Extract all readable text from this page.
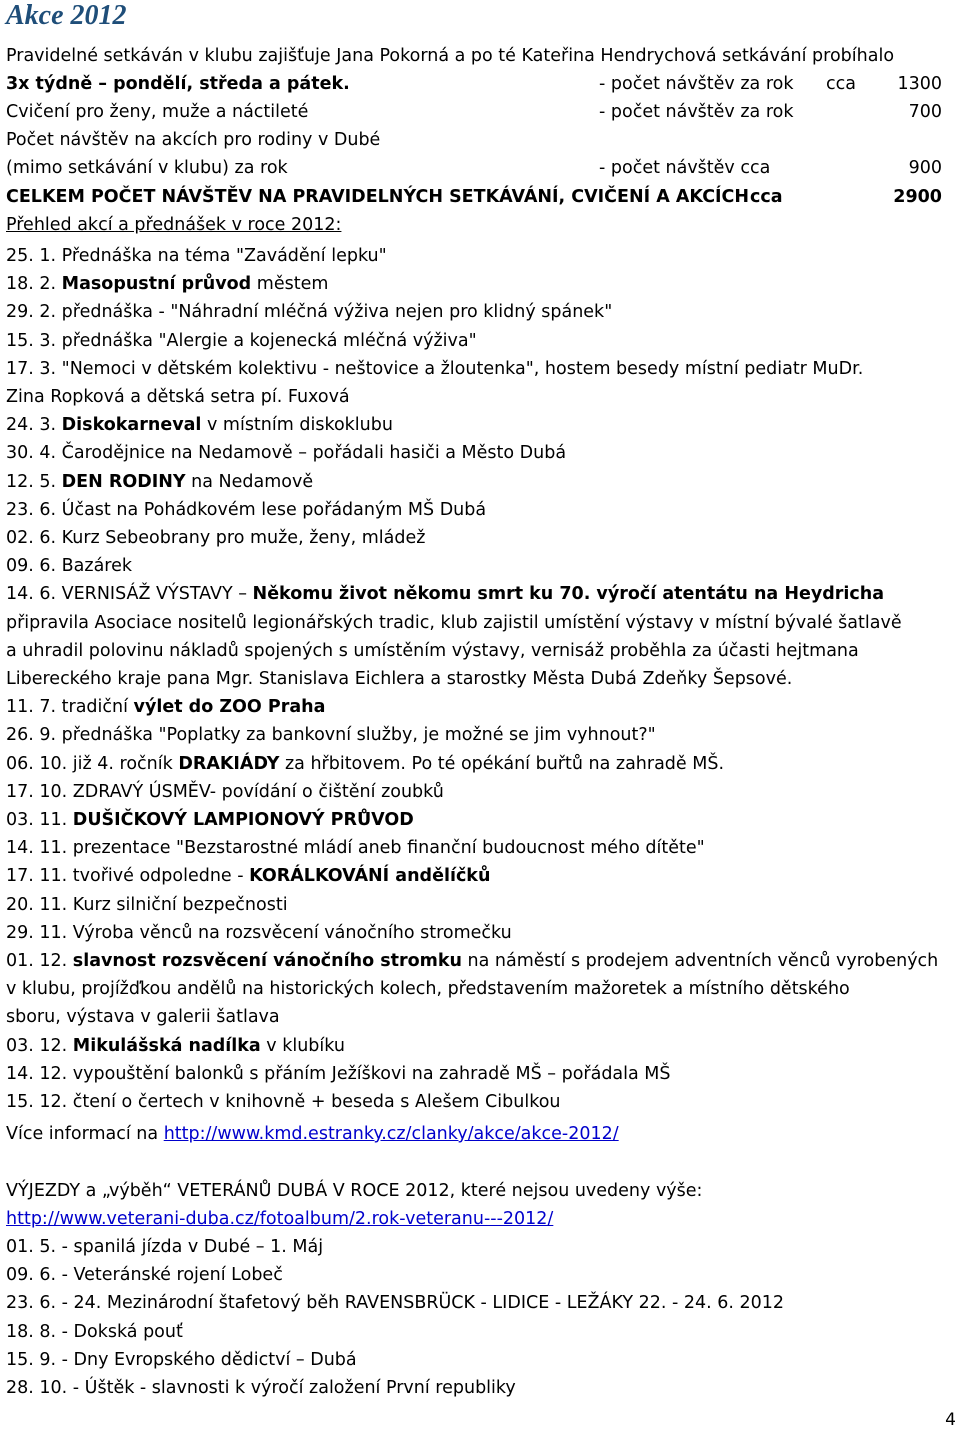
Akce 2012
Pravidelné setkáván v klubu zajišťuje Jana Pokorná a po té Kateřina Hendrychová setkávání probíhalo
3x týdně – pondělí, středa a pátek.	- počet návštěv za rok cca 1300
Cvičení pro ženy, muže a náctileté	- počet návštěv za rok	700
Počet návštěv na akcích pro rodiny v Dubé
(mimo setkávání v klubu) za rok	- počet návštěv cca	900
CELKEM POČET NÁVŠTĚV NA PRAVIDELNÝCH SETKÁVÁNÍ, CVIČENÍ A AKCÍCH cca	2900
Přehled akcí a přednášek v roce 2012:
25. 1. Přednáška na téma "Zavádění lepku"
18. 2. Masopustní průvod městem
29. 2. přednáška - "Náhradní mléčná výživa nejen pro klidný spánek"
15. 3. přednáška "Alergie a kojenecká mléčná výživa"
17. 3. "Nemoci v dětském kolektivu - neštovice a žloutenka", hostem besedy místní pediatr MuDr.
Zina Ropková a dětská setra pí. Fuxová
24. 3. Diskokarneval v místním diskoklubu
30. 4. Čarodějnice na Nedamově – pořádali hasiči a Město Dubá
12. 5. DEN RODINY na Nedamově
23. 6. Účast na Pohádkovém lese pořádaným MŠ Dubá
02. 6. Kurz Sebeobrany pro muže, ženy, mládež
09. 6. Bazárek
14. 6. VERNISÁŽ VÝSTAVY – Někomu život někomu smrt ku 70. výročí atentátu na Heydricha
připravila Asociace nositelů legionářských tradic, klub zajistil umístění výstavy v místní bývalé šatlavě
a uhradil polovinu nákladů spojených s umístěním výstavy, vernisáž proběhla za účasti hejtmana
Libereckého kraje pana Mgr. Stanislava Eichlera a starostky Města Dubá Zdeňky Šepsové.
11. 7. tradiční výlet do ZOO Praha
26. 9. přednáška "Poplatky za bankovní služby, je možné se jim vyhnout?"
06. 10. již 4. ročník DRAKIÁDY za hřbitovem. Po té opékání buřtů na zahradě MŠ.
17. 10. ZDRAVÝ ÚSMĚV- povídání o čištění zoubků
03. 11. DUŠIČKOVÝ LAMPIONOVÝ PRŮVOD
14. 11. prezentace "Bezstarostné mládí aneb finanční budoucnost mého dítěte"
17. 11. tvořivé odpoledne - KORÁLKOVÁNÍ andělíčků
20. 11. Kurz silniční bezpečnosti
29. 11. Výroba věnců na rozsvěcení vánočního stromečku
01. 12. slavnost rozsvěcení vánočního stromku na náměstí s prodejem adventních věnců vyrobených
v klubu, projížďkou andělů na historických kolech, představením mažoretek a místního dětského
sboru, výstava v galerii šatlava
03. 12. Mikulášská nadílka v klubíku
14. 12. vypouštění balonků s přáním Ježíškovi na zahradě MŠ – pořádala MŠ
15. 12. čtení o čertech v knihovně + beseda s Alešem Cibulkou
Více informací na http://www.kmd.estranky.cz/clanky/akce/akce-2012/
VÝJEZDY a „výběh“ VETERÁNŮ DUBÁ V ROCE 2012, které nejsou uvedeny výše:
http://www.veterani-duba.cz/fotoalbum/2.rok-veteranu---2012/
01. 5. - spanilá jízda v Dubé – 1. Máj
09. 6. - Veteránské rojení Lobeč
23. 6. - 24. Mezinárodní štafetový běh RAVENSBRÜCK - LIDICE - LEŽÁKY 22. - 24. 6. 2012
18. 8. - Dokská pouť
15. 9. - Dny Evropského dědictví – Dubá
28. 10. - Úštěk - slavnosti k výročí založení První republiky
4
